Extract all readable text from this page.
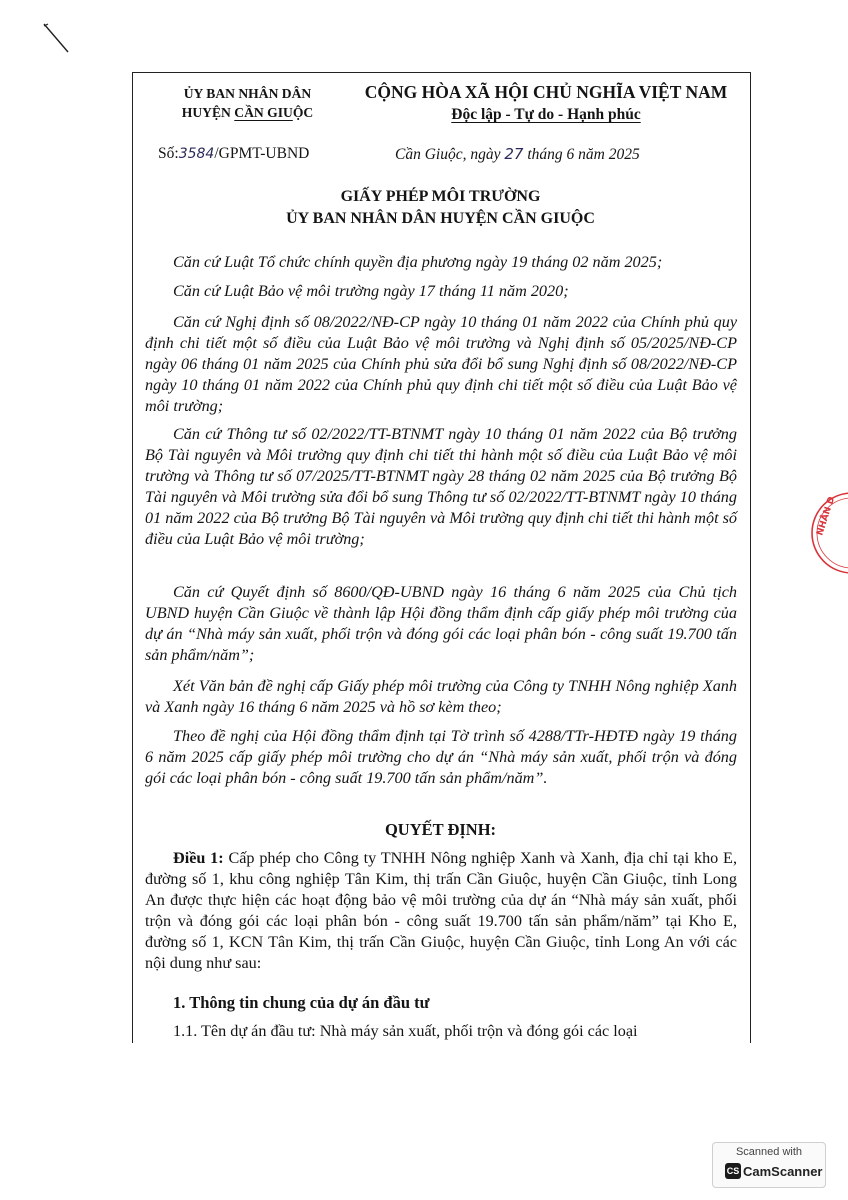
ỦY BAN NHÂN DÂN
HUYỆN CẦN GIUỘC
CỘNG HÒA XÃ HỘI CHỦ NGHĨA VIỆT NAM
Độc lập - Tự do - Hạnh phúc
Số:3584/GPMT-UBND	Cần Giuộc, ngày 27 tháng 6 năm 2025
GIẤY PHÉP MÔI TRƯỜNG
ỦY BAN NHÂN DÂN HUYỆN CẦN GIUỘC
Căn cứ Luật Tổ chức chính quyền địa phương ngày 19 tháng 02 năm 2025;
Căn cứ Luật Bảo vệ môi trường ngày 17 tháng 11 năm 2020;
Căn cứ Nghị định số 08/2022/NĐ-CP ngày 10 tháng 01 năm 2022 của Chính phủ quy định chi tiết một số điều của Luật Bảo vệ môi trường và Nghị định số 05/2025/NĐ-CP ngày 06 tháng 01 năm 2025 của Chính phủ sửa đổi bổ sung Nghị định số 08/2022/NĐ-CP ngày 10 tháng 01 năm 2022 của Chính phủ quy định chi tiết một số điều của Luật Bảo vệ môi trường;
Căn cứ Thông tư số 02/2022/TT-BTNMT ngày 10 tháng 01 năm 2022 của Bộ trưởng Bộ Tài nguyên và Môi trường quy định chi tiết thi hành một số điều của Luật Bảo vệ môi trường và Thông tư số 07/2025/TT-BTNMT ngày 28 tháng 02 năm 2025 của Bộ trưởng Bộ Tài nguyên và Môi trường sửa đổi bổ sung Thông tư số 02/2022/TT-BTNMT ngày 10 tháng 01 năm 2022 của Bộ trưởng Bộ Tài nguyên và Môi trường quy định chi tiết thi hành một số điều của Luật Bảo vệ môi trường;
Căn cứ Quyết định số 8600/QĐ-UBND ngày 16 tháng 6 năm 2025 của Chủ tịch UBND huyện Cần Giuộc về thành lập Hội đồng thẩm định cấp giấy phép môi trường của dự án “Nhà máy sản xuất, phối trộn và đóng gói các loại phân bón - công suất 19.700 tấn sản phẩm/năm”;
Xét Văn bản đề nghị cấp Giấy phép môi trường của Công ty TNHH Nông nghiệp Xanh và Xanh ngày 16 tháng 6 năm 2025 và hồ sơ kèm theo;
Theo đề nghị của Hội đồng thẩm định tại Tờ trình số 4288/TTr-HĐTĐ ngày 19 tháng 6 năm 2025 cấp giấy phép môi trường cho dự án “Nhà máy sản xuất, phối trộn và đóng gói các loại phân bón - công suất 19.700 tấn sản phẩm/năm”.
QUYẾT ĐỊNH:
Điều 1: Cấp phép cho Công ty TNHH Nông nghiệp Xanh và Xanh, địa chỉ tại kho E, đường số 1, khu công nghiệp Tân Kim, thị trấn Cần Giuộc, huyện Cần Giuộc, tỉnh Long An được thực hiện các hoạt động bảo vệ môi trường của dự án “Nhà máy sản xuất, phối trộn và đóng gói các loại phân bón - công suất 19.700 tấn sản phẩm/năm” tại Kho E, đường số 1, KCN Tân Kim, thị trấn Cần Giuộc, huyện Cần Giuộc, tỉnh Long An với các nội dung như sau:
1. Thông tin chung của dự án đầu tư
1.1. Tên dự án đầu tư: Nhà máy sản xuất, phối trộn và đóng gói các loại
NHÂN D
Scanned with
CS CamScanner
